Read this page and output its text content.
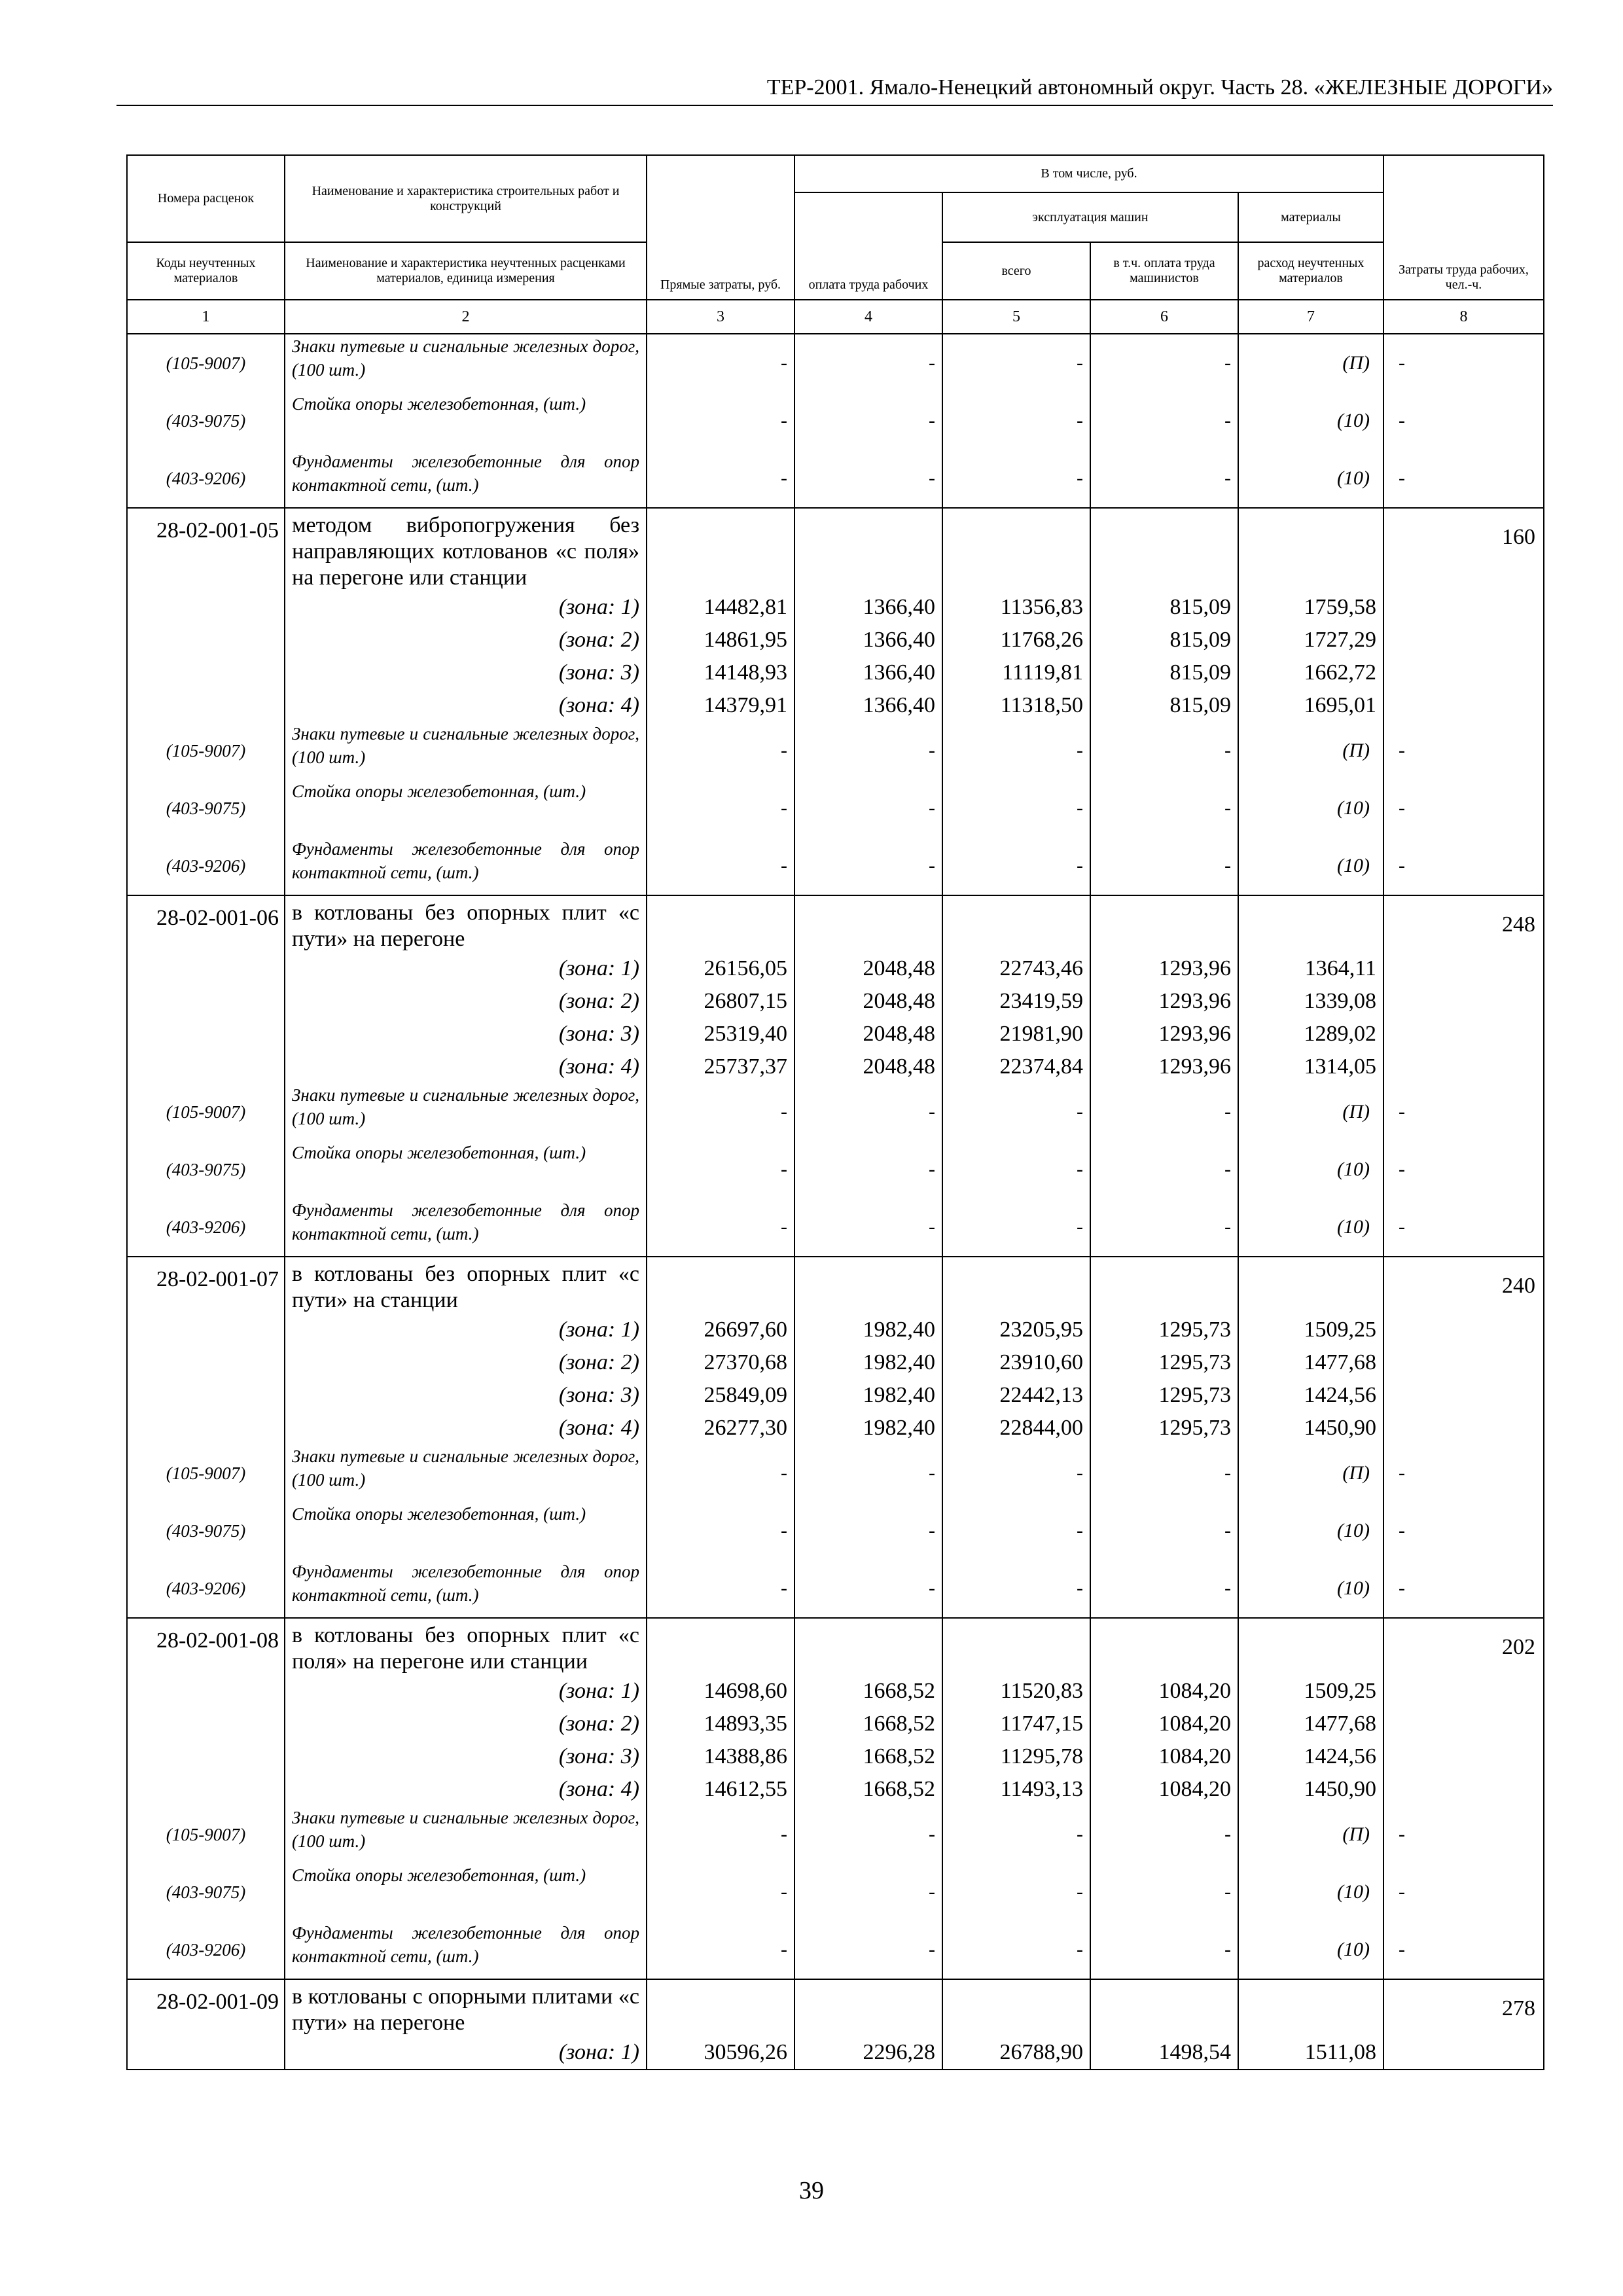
ТЕР-2001. Ямало-Ненецкий автономный округ. Часть 28. «ЖЕЛЕЗНЫЕ ДОРОГИ»
Номера расценок	Наименование и характеристика строительных работ и конструкций	Прямые затраты, руб.	В том числе, руб.				Затраты труда рабочих, чел.-ч.
			оплата труда рабочих	эксплуатация машин		материалы	
Коды неучтенных материалов	Наименование и характеристика неучтенных расценками материалов, единица измерения			всего	в т.ч. оплата труда машинистов	расход неучтенных материалов	
1	2	3	4	5	6	7	8
(105-9007)	Знаки путевые и сигнальные железных дорог, (100 шт.)	-	-	-	-	(П)	-
(403-9075)	Стойка опоры железобетонная, (шт.)	-	-	-	-	(10)	-
(403-9206)	Фундаменты железобетонные для опор контактной сети, (шт.)	-	-	-	-	(10)	-
28-02-001-05	методом вибропогружения без направляющих котлованов «с поля» на перегоне или станции						160
	(зона: 1)	14482,81	1366,40	11356,83	815,09	1759,58	
	(зона: 2)	14861,95	1366,40	11768,26	815,09	1727,29	
	(зона: 3)	14148,93	1366,40	11119,81	815,09	1662,72	
	(зона: 4)	14379,91	1366,40	11318,50	815,09	1695,01	
(105-9007)	Знаки путевые и сигнальные железных дорог, (100 шт.)	-	-	-	-	(П)	-
(403-9075)	Стойка опоры железобетонная, (шт.)	-	-	-	-	(10)	-
(403-9206)	Фундаменты железобетонные для опор контактной сети, (шт.)	-	-	-	-	(10)	-
28-02-001-06	в котлованы без опорных плит «с пути» на перегоне						248
	(зона: 1)	26156,05	2048,48	22743,46	1293,96	1364,11	
	(зона: 2)	26807,15	2048,48	23419,59	1293,96	1339,08	
	(зона: 3)	25319,40	2048,48	21981,90	1293,96	1289,02	
	(зона: 4)	25737,37	2048,48	22374,84	1293,96	1314,05	
(105-9007)	Знаки путевые и сигнальные железных дорог, (100 шт.)	-	-	-	-	(П)	-
(403-9075)	Стойка опоры железобетонная, (шт.)	-	-	-	-	(10)	-
(403-9206)	Фундаменты железобетонные для опор контактной сети, (шт.)	-	-	-	-	(10)	-
28-02-001-07	в котлованы без опорных плит «с пути» на станции						240
	(зона: 1)	26697,60	1982,40	23205,95	1295,73	1509,25	
	(зона: 2)	27370,68	1982,40	23910,60	1295,73	1477,68	
	(зона: 3)	25849,09	1982,40	22442,13	1295,73	1424,56	
	(зона: 4)	26277,30	1982,40	22844,00	1295,73	1450,90	
(105-9007)	Знаки путевые и сигнальные железных дорог, (100 шт.)	-	-	-	-	(П)	-
(403-9075)	Стойка опоры железобетонная, (шт.)	-	-	-	-	(10)	-
(403-9206)	Фундаменты железобетонные для опор контактной сети, (шт.)	-	-	-	-	(10)	-
28-02-001-08	в котлованы без опорных плит «с поля» на перегоне или станции						202
	(зона: 1)	14698,60	1668,52	11520,83	1084,20	1509,25	
	(зона: 2)	14893,35	1668,52	11747,15	1084,20	1477,68	
	(зона: 3)	14388,86	1668,52	11295,78	1084,20	1424,56	
	(зона: 4)	14612,55	1668,52	11493,13	1084,20	1450,90	
(105-9007)	Знаки путевые и сигнальные железных дорог, (100 шт.)	-	-	-	-	(П)	-
(403-9075)	Стойка опоры железобетонная, (шт.)	-	-	-	-	(10)	-
(403-9206)	Фундаменты железобетонные для опор контактной сети, (шт.)	-	-	-	-	(10)	-
28-02-001-09	в котлованы с опорными плитами «с пути» на перегоне						278
	(зона: 1)	30596,26	2296,28	26788,90	1498,54	1511,08	
39
